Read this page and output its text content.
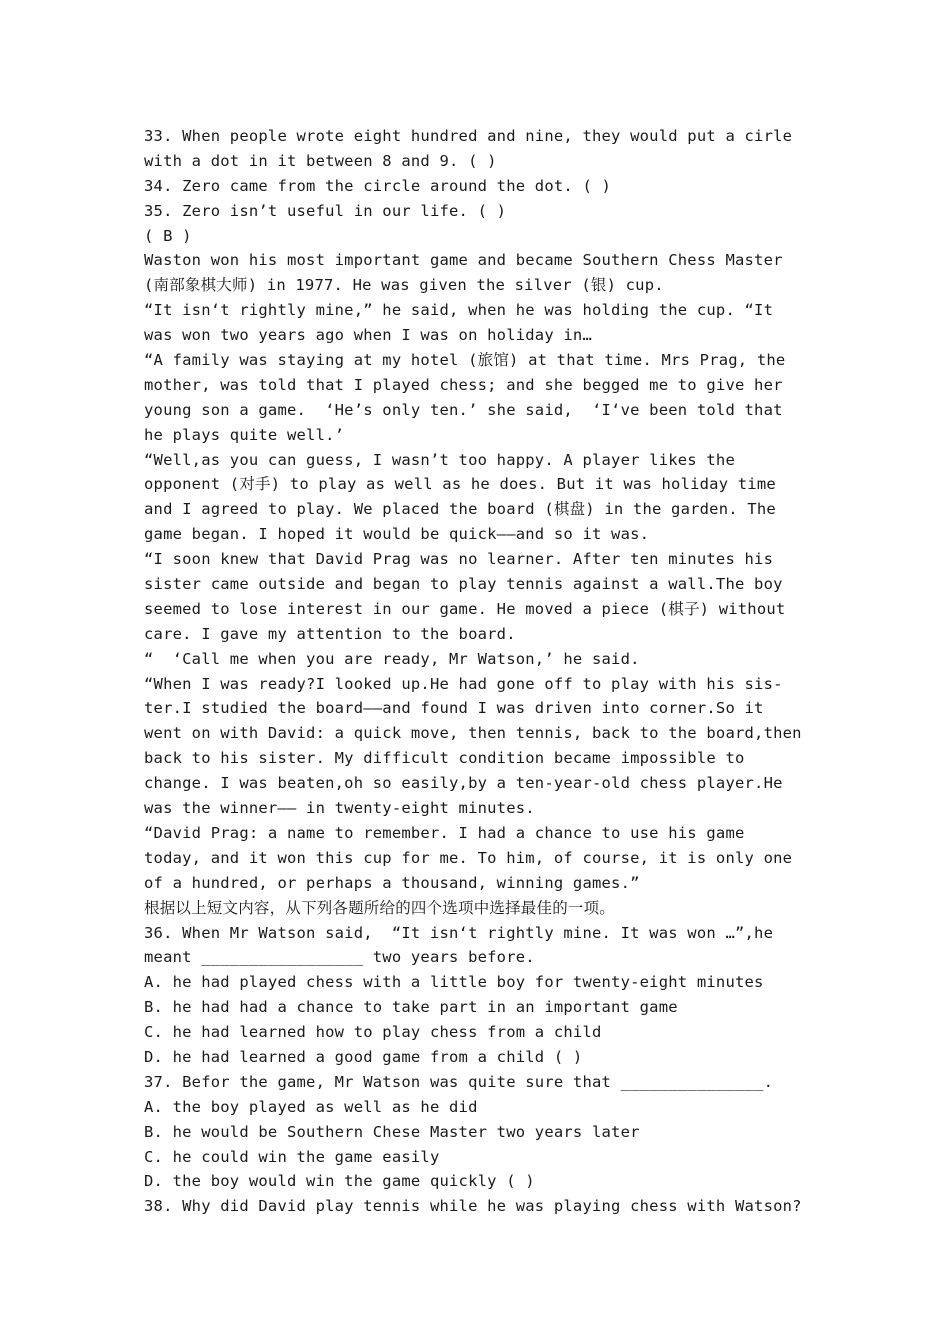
33. When people wrote eight hundred and nine, they would put a cirle
with a dot in it between 8 and 9. ( )
34. Zero came from the circle around the dot. ( )
35. Zero isn’t useful in our life. ( )
( B )
Waston won his most important game and became Southern Chess Master
(南部象棋大师) in 1977. He was given the silver (银) cup.
“It isn‘t rightly mine,” he said, when he was holding the cup. “It
was won two years ago when I was on holiday in…
“A family was staying at my hotel (旅馆) at that time. Mrs Prag, the
mother, was told that I played chess; and she begged me to give her
young son a game.  ‘He’s only ten.’ she said,  ‘I‘ve been told that
he plays quite well.’
“Well,as you can guess, I wasn’t too happy. A player likes the
opponent (对手) to play as well as he does. But it was holiday time
and I agreed to play. We placed the board (棋盘) in the garden. The
game began. I hoped it would be quick——and so it was.
“I soon knew that David Prag was no learner. After ten minutes his
sister came outside and began to play tennis against a wall.The boy
seemed to lose interest in our game. He moved a piece (棋子) without
care. I gave my attention to the board.
“  ‘Call me when you are ready, Mr Watson,’ he said.
“When I was ready?I looked up.He had gone off to play with his sis-
ter.I studied the board——and found I was driven into corner.So it
went on with David: a quick move, then tennis, back to the board,then
back to his sister. My difficult condition became impossible to
change. I was beaten,oh so easily,by a ten-year-old chess player.He
was the winner—— in twenty-eight minutes.
“David Prag: a name to remember. I had a chance to use his game
today, and it won this cup for me. To him, of course, it is only one
of a hundred, or perhaps a thousand, winning games.”
根据以上短文内容，从下列各题所给的四个选项中选择最佳的一项。
36. When Mr Watson said,  “It isn‘t rightly mine. It was won …”,he
meant _________________ two years before.
A. he had played chess with a little boy for twenty-eight minutes
B. he had had a chance to take part in an important game
C. he had learned how to play chess from a child
D. he had learned a good game from a child ( )
37. Befor the game, Mr Watson was quite sure that _______________.
A. the boy played as well as he did
B. he would be Southern Chese Master two years later
C. he could win the game easily
D. the boy would win the game quickly ( )
38. Why did David play tennis while he was playing chess with Watson?
